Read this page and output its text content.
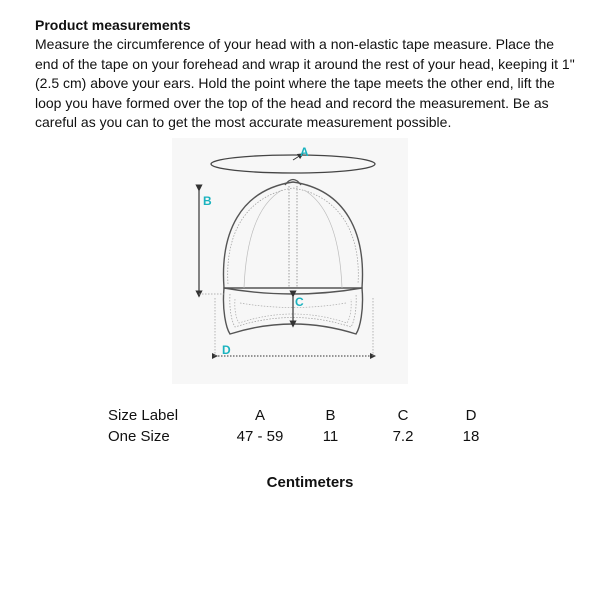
Product measurements
Measure the circumference of your head with a non-elastic tape measure. Place the end of the tape on your forehead and wrap it around the rest of your head, keeping it 1" (2.5 cm) above your ears. Hold the point where the tape meets the other end, lift the loop you have formed over the top of the head and record the measurement. Be as careful as you can to get the most accurate measurement possible.
A
B
C
D
Size Label	A	B	C	D
One Size	47 - 59	11	7.2	18
Centimeters
